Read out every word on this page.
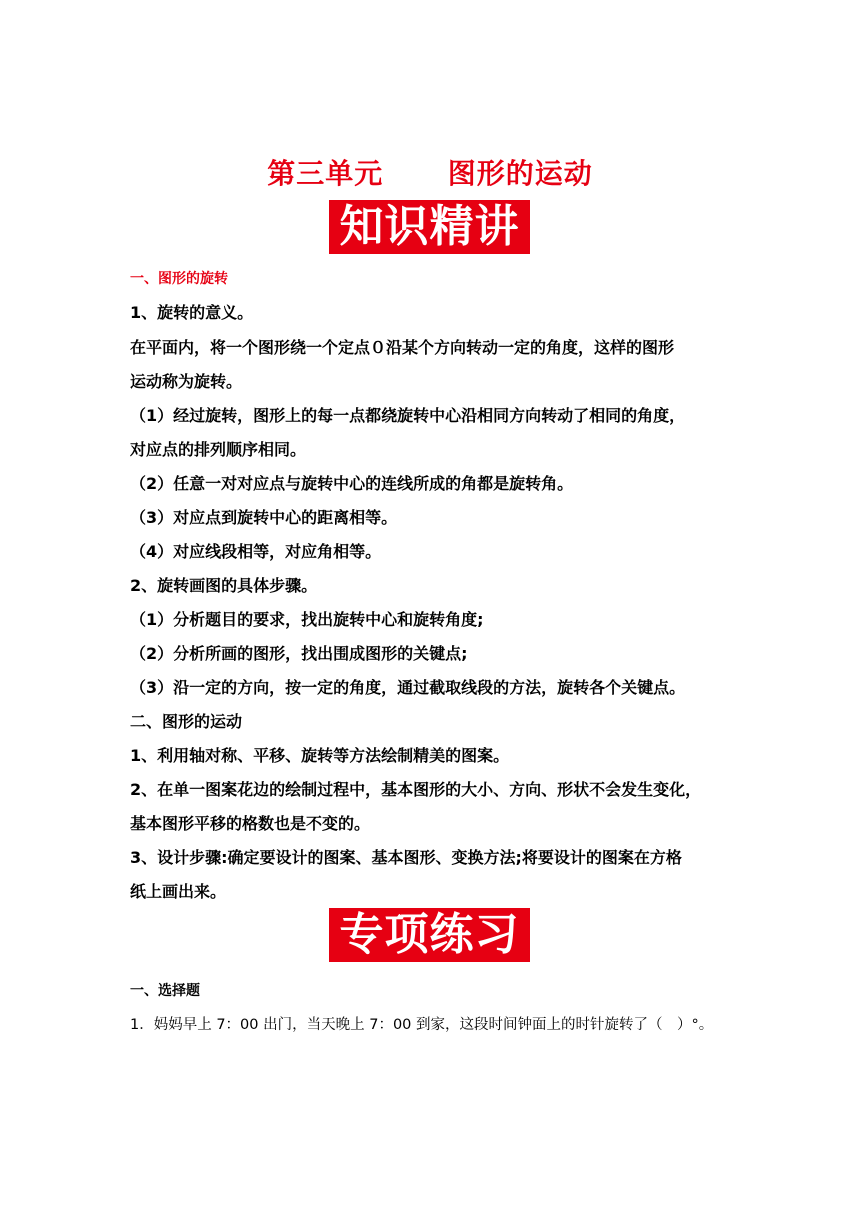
第三单元      图形的运动
知识精讲
一、图形的旋转
1、旋转的意义。
在平面内，将一个图形绕一个定点０沿某个方向转动一定的角度，这样的图形
运动称为旋转。
（1）经过旋转，图形上的每一点都绕旋转中心沿相同方向转动了相同的角度，
对应点的排列顺序相同。
（2）任意一对对应点与旋转中心的连线所成的角都是旋转角。
（3）对应点到旋转中心的距离相等。
（4）对应线段相等，对应角相等。
2、旋转画图的具体步骤。
（1）分析题目的要求，找出旋转中心和旋转角度;
（2）分析所画的图形，找出围成图形的关键点;
（3）沿一定的方向，按一定的角度，通过截取线段的方法，旋转各个关键点。
二、图形的运动
1、利用轴对称、平移、旋转等方法绘制精美的图案。
2、在单一图案花边的绘制过程中，基本图形的大小、方向、形状不会发生变化，
基本图形平移的格数也是不变的。
3、设计步骤:确定要设计的图案、基本图形、变换方法;将要设计的图案在方格
纸上画出来。
专项练习
一、选择题
1．妈妈早上 7：00 出门，当天晚上 7：00 到家，这段时间钟面上的时针旋转了（　）°。
